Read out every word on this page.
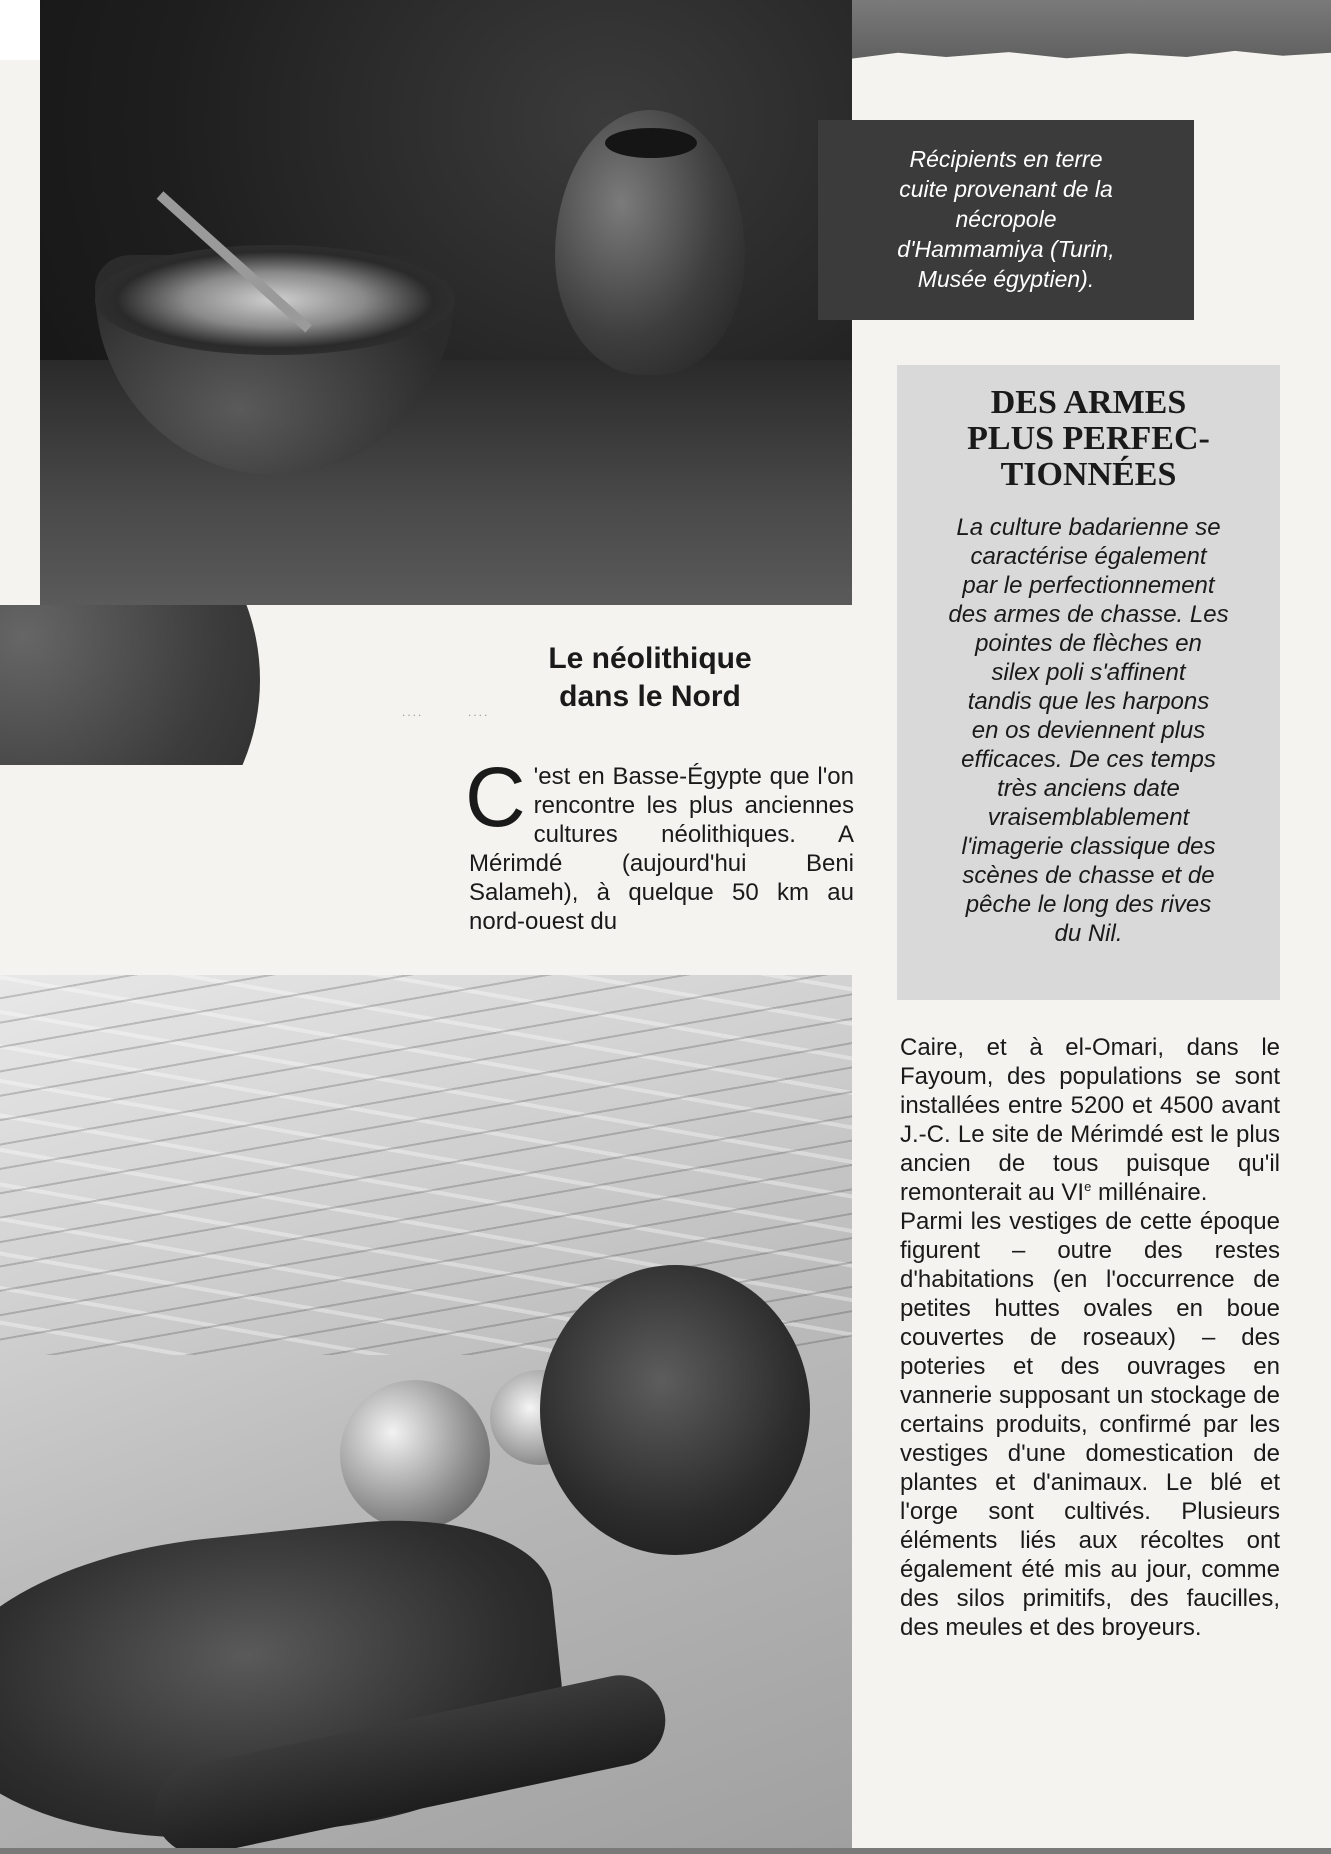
Récipients en terre
cuite provenant de la
nécropole
d'Hammamiya (Turin,
Musée égyptien).
DES ARMES
PLUS PERFEC-
TIONNÉES
La culture badarienne se
caractérise également
par le perfectionnement
des armes de chasse. Les
pointes de flèches en
silex poli s'affinent
tandis que les harpons
en os deviennent plus
efficaces. De ces temps
très anciens date
vraisemblablement
l'imagerie classique des
scènes de chasse et de
pêche le long des rives
du Nil.
Le néolithique
dans le Nord
....	....

C 'est en Basse-Égypte que l'on rencontre les plus anciennes cultures néolithiques. A Mérimdé (aujourd'hui Beni Salameh), à quelque 50 km au nord-ouest du

Caire, et à el-Omari, dans le Fayoum, des populations se sont installées entre 5200 et 4500 avant J.-C. Le site de Mérimdé est le plus ancien de tous puisque qu'il remonterait au VIe millénaire.

Parmi les vestiges de cette époque figurent – outre des restes d'habitations (en l'occurrence de petites huttes ovales en boue couvertes de roseaux) – des poteries et des ouvrages en vannerie supposant un stockage de certains produits, confirmé par les vestiges d'une domestication de plantes et d'animaux. Le blé et l'orge sont cultivés. Plusieurs éléments liés aux récoltes ont également été mis au jour, comme des silos primitifs, des faucilles, des meules et des broyeurs.
